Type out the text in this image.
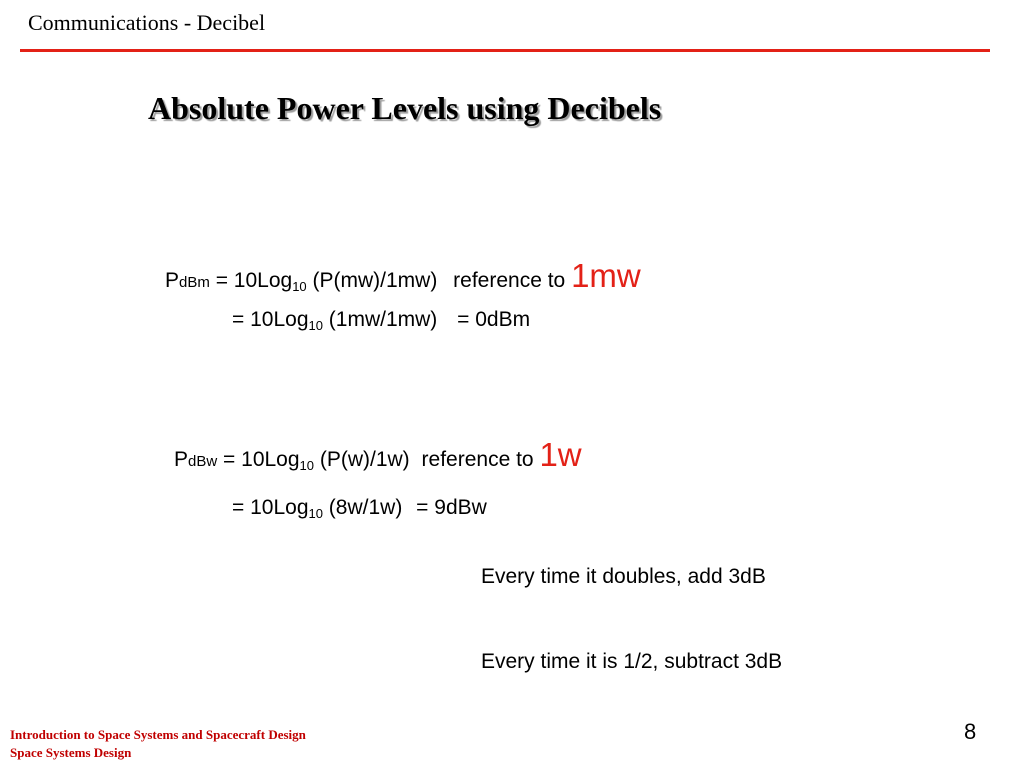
Communications - Decibel
Absolute Power Levels using Decibels
PdBm = 10Log$_{10}$ (P(mw)/1mw) reference to 1mw
= 10Log$_{10}$ (1mw/1mw) = 0dBm
PdBw = 10Log$_{10}$ (P(w)/1w) reference to 1w
= 10Log$_{10}$ (8w/1w) = 9dBw
Every time it doubles, add 3dB
Every time it is 1/2, subtract 3dB
Introduction to Space Systems and Spacecraft Design
Space Systems Design
8
